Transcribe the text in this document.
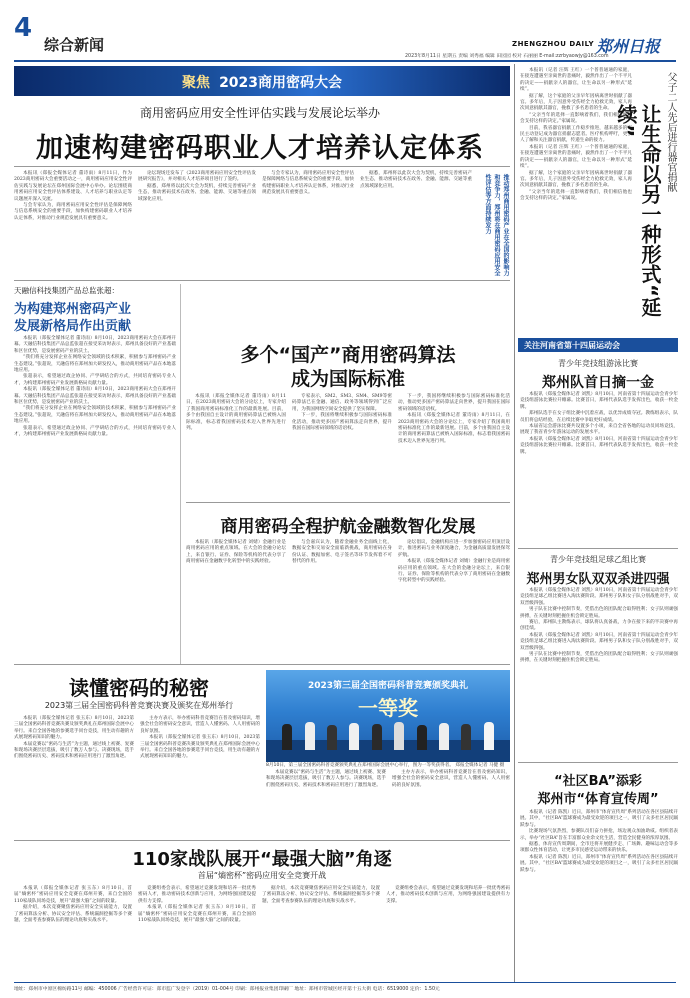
4
综合新闻	ZHENGZHOU DAILY 郑州日报
2023年8月11日 星期五 责编 刘秀福 编辑 田园园 校对 石丽丽 E-mail:zzrbyaowjy@163.com
聚焦 2023商用密码大会
商用密码应用安全性评估实践与发展论坛举办
加速构建密码职业人才培养认定体系

本报讯（郑报全媒体记者 董诗雨）8月11日，作为2023商用密码大会重要活动之一，商用密码应用安全性评估实践与发展论坛在郑州国际会展中心举办。论坛围绕商用密码应用安全性评估体系建设、人才培养与职业认定等议题展开深入交流。

与会专家认为，商用密码应用安全性评估是保障网络与信息系统安全的重要手段，加快构建密码职业人才培养认定体系，对推动行业规范发展具有重要意义。

论坛现场还发布了《2023商用密码应用安全性评估发展研究报告》，并对相关人才培养项目进行了签约。

据悉，郑州将以此次大会为契机，持续完善密码产业生态，推动密码技术在政务、金融、能源、交通等重点领域深化应用。

与会专家认为，商用密码应用安全性评估是保障网络与信息系统安全的重要手段，加快构建密码职业人才培养认定体系，对推动行业规范发展具有重要意义。

据悉，郑州将以此次大会为契机，持续完善密码产业生态，推动密码技术在政务、金融、能源、交通等重点领域深化应用。	推动郑州商用密码产业在全国的影响力和竞争力，郑州将在商用密码应用安全性评估等方面持续发力
天融信科技集团产品总监张超：
为构建郑州密码产业
发展新格局作出贡献

本报讯（郑报全媒体记者 董诗雨）8月10日，2023商用密码大会在郑州开幕。天融信科技集团产品总监张超在接受采访时表示，郑州具备良好的产业基础和区位优势，是发展密码产业的沃土。

“我们将充分发挥企业在网络安全领域的技术积累，积极参与郑州密码产业生态建设。”张超说，天融信将在郑州加大研发投入，推动商用密码产品在本地落地应用。

张超表示，希望通过政企协同、产学研结合的方式，共同培育密码专业人才，为构建郑州密码产业发展新格局贡献力量。

本报讯（郑报全媒体记者 董诗雨）8月10日，2023商用密码大会在郑州开幕。天融信科技集团产品总监张超在接受采访时表示，郑州具备良好的产业基础和区位优势，是发展密码产业的沃土。

“我们将充分发挥企业在网络安全领域的技术积累，积极参与郑州密码产业生态建设。”张超说，天融信将在郑州加大研发投入，推动商用密码产品在本地落地应用。

张超表示，希望通过政企协同、产学研结合的方式，共同培育密码专业人才，为构建郑州密码产业发展新格局贡献力量。

多个“国产”商用密码算法
成为国际标准

本报讯（郑报全媒体记者 董诗雨）8月11日，在2023商用密码大会的分论坛上，专家介绍了我国商用密码标准化工作的最新进展。目前，多个由我国自主设计的商用密码算法已被纳入国际标准，标志着我国密码技术迈入世界先进行列。

专家表示，SM2、SM3、SM4、SM9等密码算法已在金融、通信、政务等领域得到广泛应用，为我国网络空间安全提供了坚实保障。

下一步，我国将继续积极参与国际密码标准化活动，推动更多国产密码算法走向世界，提升我国在国际密码领域的话语权。

下一步，我国将继续积极参与国际密码标准化活动，推动更多国产密码算法走向世界，提升我国在国际密码领域的话语权。

本报讯（郑报全媒体记者 董诗雨）8月11日，在2023商用密码大会的分论坛上，专家介绍了我国商用密码标准化工作的最新进展。目前，多个由我国自主设计的商用密码算法已被纳入国际标准，标志着我国密码技术迈入世界先进行列。

商用密码全程护航金融数智化发展

本报讯（郑报全媒体记者 刘婧）金融行业是商用密码应用的重点领域。在大会的金融分论坛上，来自银行、证券、保险等机构的代表分享了商用密码在金融数字化转型中的实践经验。

与会嘉宾认为，随着金融业务全面线上化，数据安全和交易安全面临新挑战，商用密码在身份认证、数据加密、电子签名等环节发挥着不可替代的作用。

论坛倡议，金融机构应进一步加强密码应用顶层设计，推进密码与业务深度融合，为金融高质量发展保驾护航。

本报讯（郑报全媒体记者 刘婧）金融行业是商用密码应用的重点领域。在大会的金融分论坛上，来自银行、证券、保险等机构的代表分享了商用密码在金融数字化转型中的实践经验。

读懂密码的秘密
2023第三届全国密码科普竞赛决赛及颁奖在郑州举行

本报讯（郑报全媒体记者 张玉东）8月10日，2023第三届全国密码科普竞赛决赛及颁奖典礼在郑州国际会展中心举行。来自全国各地的参赛选手同台竞技，用生动有趣的方式展现密码知识的魅力。

本届竞赛以“密码与生活”为主题，通过线上初赛、复赛和现场决赛层层选拔，吸引了数万人参与。决赛现场，选手们围绕密码历史、密码技术和密码应用进行了激烈角逐。

主办方表示，举办密码科普竞赛旨在普及密码知识，增强全社会的密码安全意识，营造人人懂密码、人人用密码的良好氛围。

本报讯（郑报全媒体记者 张玉东）8月10日，2023第三届全国密码科普竞赛决赛及颁奖典礼在郑州国际会展中心举行。来自全国各地的参赛选手同台竞技，用生动有趣的方式展现密码知识的魅力。

本届竞赛以“密码与生活”为主题，通过线上初赛、复赛和现场决赛层层选拔，吸引了数万人参与。决赛现场，选手们围绕密码历史、密码技术和密码应用进行了激烈角逐。

主办方表示，举办密码科普竞赛旨在普及密码知识，增强全社会的密码安全意识，营造人人懂密码、人人用密码的良好氛围。

2023第三届全国密码科普竞赛颁奖典礼
一等奖
8月10日，第三届全国密码科普竞赛颁奖典礼在郑州国际会展中心举行，图为一等奖获得者。 郑报全媒体记者 马健 摄
110家战队展开“最强大脑”角逐
首届“熵密杯”密码应用安全竞赛开战

本报讯（郑报全媒体记者 张玉东）8月10日，首届“熵密杯”密码应用安全竞赛在郑州开赛，来自全国的110家战队同场竞技，展开“最强大脑”之间的较量。

据介绍，本次竞赛聚焦密码应用安全实战能力，设置了密码算法分析、协议安全评估、系统漏洞挖掘等多个赛题，全面考查参赛队伍的理论功底和实战水平。

竞赛组委会表示，希望通过竞赛发现和培养一批优秀密码人才，推动密码技术创新与应用，为网络强国建设提供有力支撑。

本报讯（郑报全媒体记者 张玉东）8月10日，首届“熵密杯”密码应用安全竞赛在郑州开赛，来自全国的110家战队同场竞技，展开“最强大脑”之间的较量。

据介绍，本次竞赛聚焦密码应用安全实战能力，设置了密码算法分析、协议安全评估、系统漏洞挖掘等多个赛题，全面考查参赛队伍的理论功底和实战水平。

竞赛组委会表示，希望通过竞赛发现和培养一批优秀密码人才，推动密码技术创新与应用，为网络强国建设提供有力支撑。

本报讯（记者 汪辉 王红）一个普普通通的家庭，在接连遭遇至亲离世的悲痛时，毅然作出了一个不平凡的决定——捐献亲人的器官，让生命以另一种形式“延续”。

据了解，这个家庭的父亲早年因病离世时捐献了器官。多年后，儿子因意外受伤经全力抢救无效，家人再次同意捐献其器官，挽救了多名患者的生命。

“父亲当年的选择一直影响着我们，我们相信他也会支持这样的决定。”家属说。

目前，我省器官捐献工作稳步推进，越来越多的市民主动登记成为器官捐献志愿者。医疗机构呼吁，更多人了解和关注器官捐献，传递生命的接力。

本报讯（记者 汪辉 王红）一个普普通通的家庭，在接连遭遇至亲离世的悲痛时，毅然作出了一个不平凡的决定——捐献亲人的器官，让生命以另一种形式“延续”。

据了解，这个家庭的父亲早年因病离世时捐献了器官。多年后，儿子因意外受伤经全力抢救无效，家人再次同意捐献其器官，挽救了多名患者的生命。

“父亲当年的选择一直影响着我们，我们相信他也会支持这样的决定。”家属说。

父子二人先后进行器官捐献
让生命以另一种形式“延续”
关注河南省第十四届运动会
青少年竞技组游泳比赛
郑州队首日摘一金

本报讯（郑报全媒体记者 刘凯）8月10日，河南省第十四届运动会青少年竞技组游泳比赛拉开帷幕。比赛首日，郑州代表队选手发挥出色，收获一枚金牌。

郑州队选手在女子组比赛中沉着应战，以优异成绩夺冠。教练组表示，队员们将总结经验，在后续比赛中争取更好成绩。

本届省运会游泳比赛共设置多个小项，来自全省各地的运动员同场竞技，展现了我省青少年游泳运动的发展水平。

本报讯（郑报全媒体记者 刘凯）8月10日，河南省第十四届运动会青少年竞技组游泳比赛拉开帷幕。比赛首日，郑州代表队选手发挥出色，收获一枚金牌。

青少年竞技组足球乙组比赛
郑州男女队双双杀进四强

本报讯（郑报全媒体记者 刘凯）8月10日，河南省第十四届运动会青少年竞技组足球乙组比赛进入淘汰赛阶段。郑州男子队和女子队分别战胜对手，双双晋级四强。

男子队在比赛中控制节奏，凭借出色的团队配合取得胜利；女子队则顽强拼搏，在关键时刻把握住机会锁定胜局。

赛后，郑州队主教练表示，球队将认真备战，力争在接下来的半决赛中再创佳绩。

本报讯（郑报全媒体记者 刘凯）8月10日，河南省第十四届运动会青少年竞技组足球乙组比赛进入淘汰赛阶段。郑州男子队和女子队分别战胜对手，双双晋级四强。

男子队在比赛中控制节奏，凭借出色的团队配合取得胜利；女子队则顽强拼搏，在关键时刻把握住机会锁定胜局。

“社区BA”添彩
郑州市“体育宣传周”

本报讯（记者 陈凯）近日，郑州市“体育宣传周”系列活动在各区县陆续开展。其中，“社区BA”篮球赛成为最受欢迎的项目之一，吸引了众多社区居民踊跃参与。

比赛现场气氛热烈，参赛队员们奋力拼抢，场边观众加油助威。组织者表示，举办“社区BA”旨在丰富群众业余文化生活，营造全民健身的浓厚氛围。

据悉，体育宣传周期间，全市还将开展健步走、广场舞、趣味运动会等多项群众性体育活动，让更多市民感受运动带来的快乐。

本报讯（记者 陈凯）近日，郑州市“体育宣传周”系列活动在各区县陆续开展。其中，“社区BA”篮球赛成为最受欢迎的项目之一，吸引了众多社区居民踊跃参与。

地址：郑州市中原区棉纺路11号 邮编：450006 广告经营许可证：郑市监广发登字（2019）01-004号 印刷：郑州报业集团印刷厂 地址：郑州市管城区经开第十五大街 电话：6519000 定价：1.50元
